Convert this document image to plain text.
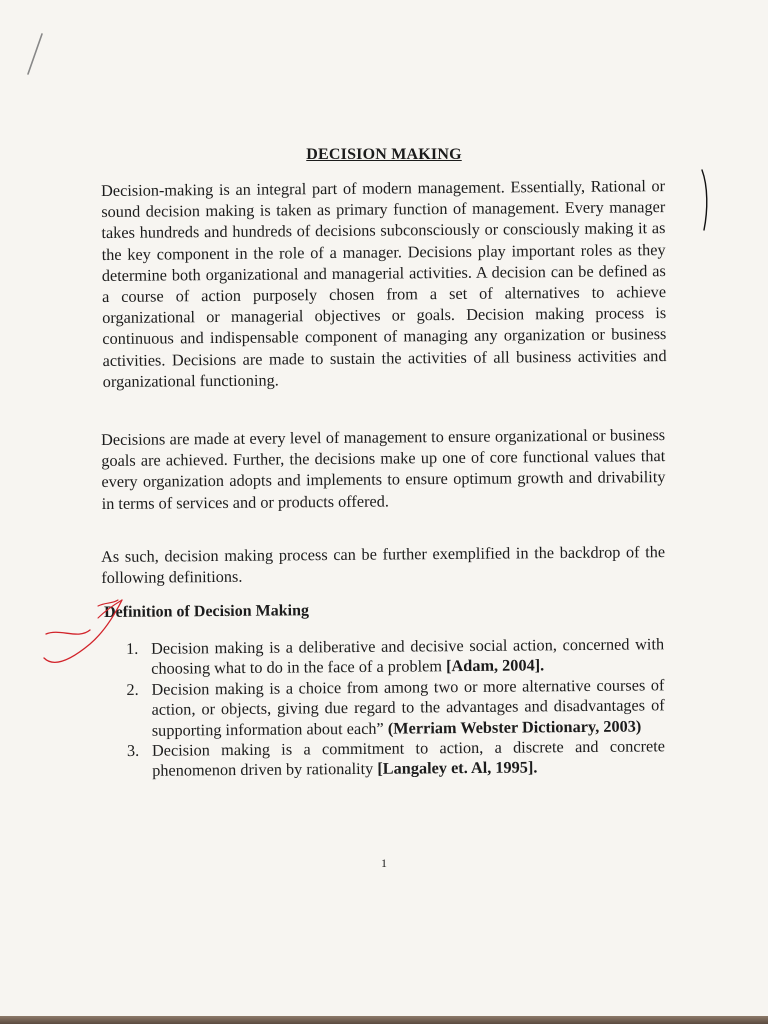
DECISION MAKING

Decision-making is an integral part of modern management. Essentially, Rational or sound decision making is taken as primary function of management. Every manager takes hundreds and hundreds of decisions subconsciously or consciously making it as the key component in the role of a manager. Decisions play important roles as they determine both organizational and managerial activities. A decision can be defined as a course of action purposely chosen from a set of alternatives to achieve organizational or managerial objectives or goals. Decision making process is continuous and indispensable component of managing any organization or business activities. Decisions are made to sustain the activities of all business activities and organizational functioning.

Decisions are made at every level of management to ensure organizational or business goals are achieved. Further, the decisions make up one of core functional values that every organization adopts and implements to ensure optimum growth and drivability in terms of services and or products offered.

As such, decision making process can be further exemplified in the backdrop of the following definitions.

Definition of Decision Making
1. Decision making is a deliberative and decisive social action, concerned with choosing what to do in the face of a problem [Adam, 2004].
2. Decision making is a choice from among two or more alternative courses of action, or objects, giving due regard to the advantages and disadvantages of supporting information about each” (Merriam Webster Dictionary, 2003)
3. Decision making is a commitment to action, a discrete and concrete phenomenon driven by rationality [Langaley et. Al, 1995].
1
